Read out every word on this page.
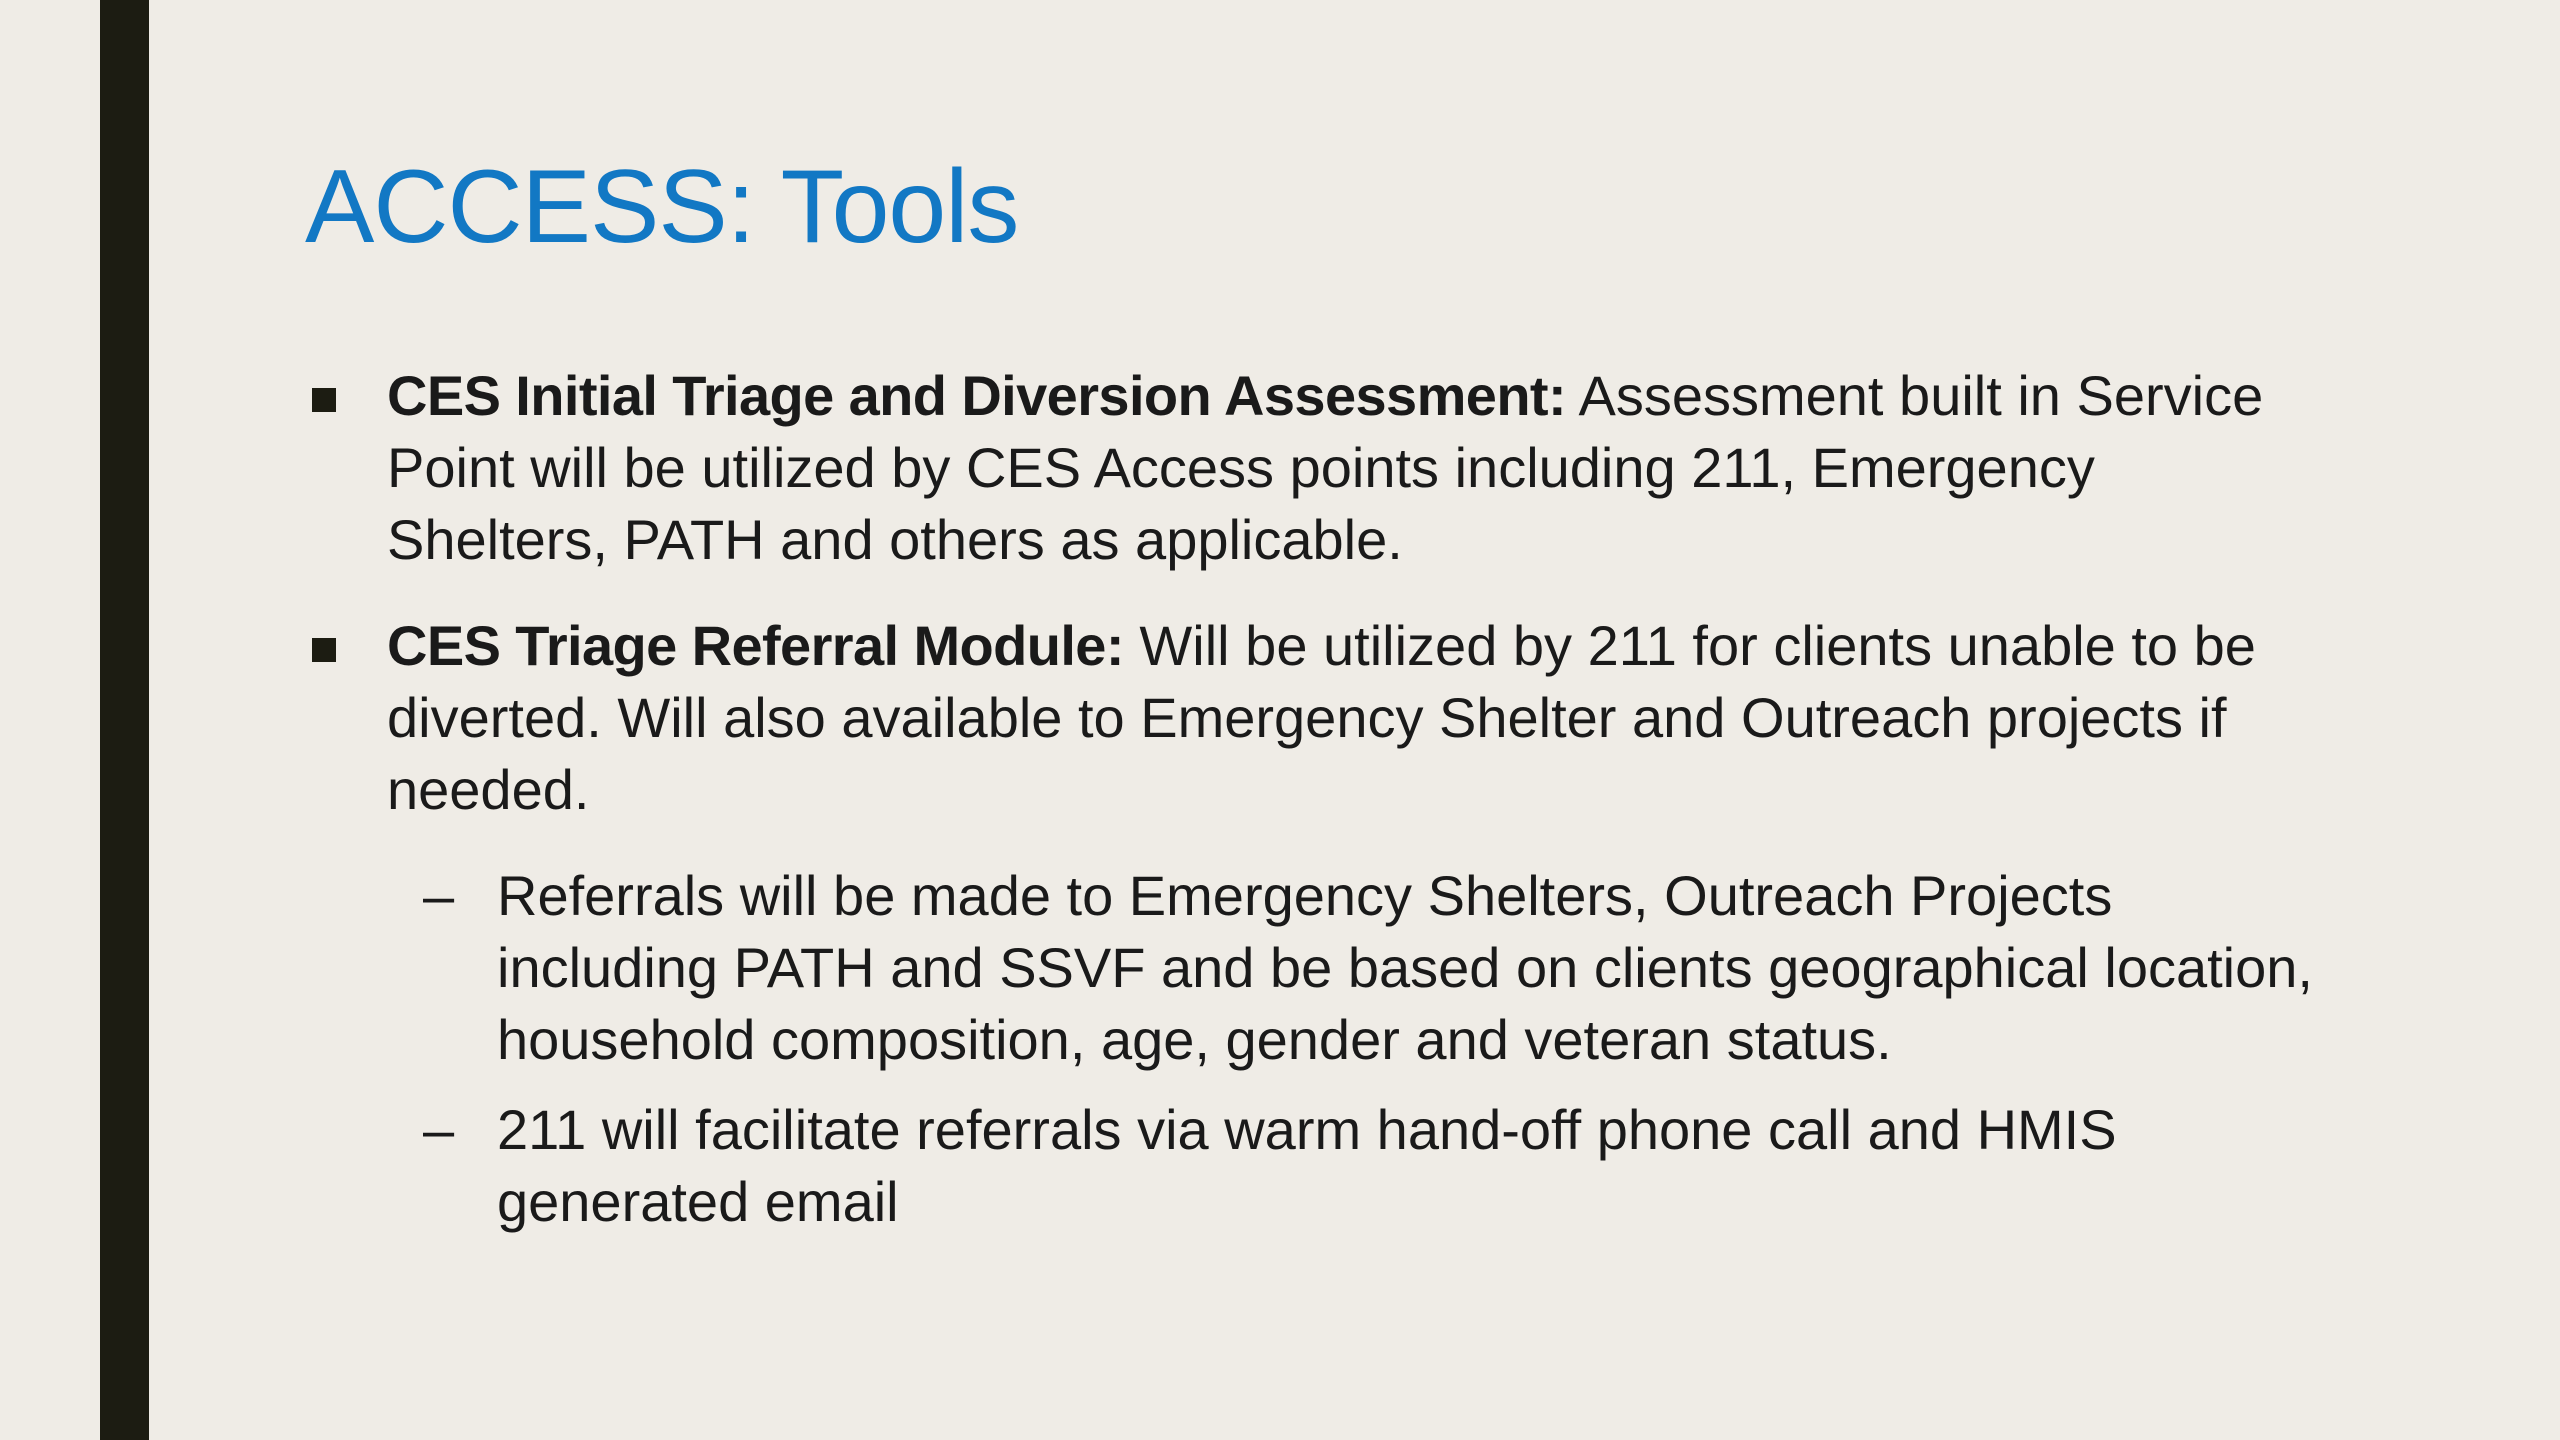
ACCESS: Tools
CES Initial Triage and Diversion Assessment: Assessment built in Service Point will be utilized by CES Access points including 211, Emergency Shelters, PATH and others as applicable.
CES Triage Referral Module: Will be utilized by 211 for clients unable to be diverted. Will also available to Emergency Shelter and Outreach projects if needed.
– Referrals will be made to Emergency Shelters, Outreach Projects including PATH and SSVF and be based on clients geographical location, household composition, age, gender and veteran status.
– 211 will facilitate referrals via warm hand-off phone call and HMIS generated email
